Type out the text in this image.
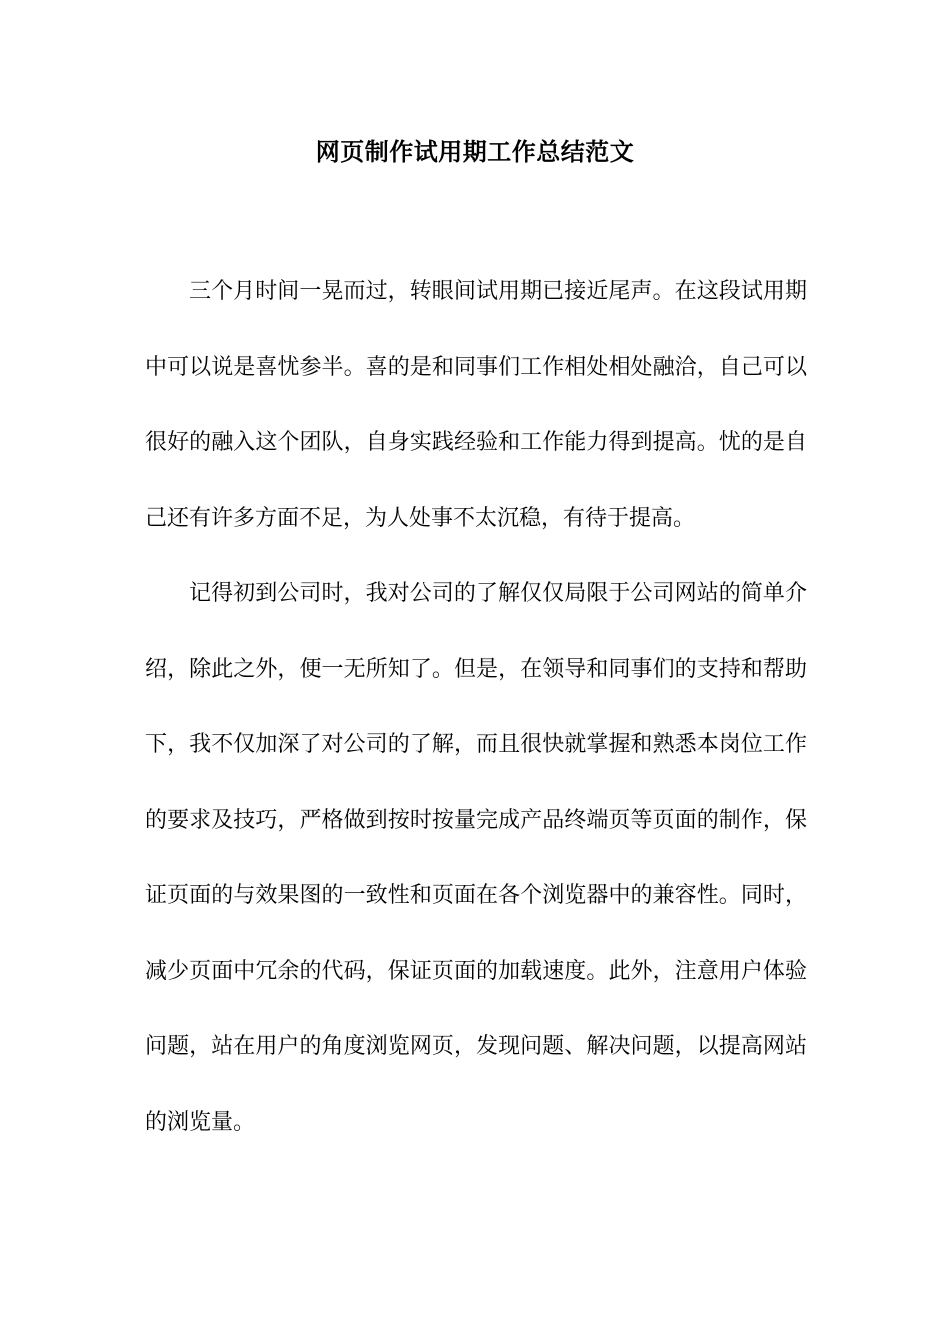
网页制作试用期工作总结范文

三个月时间一晃而过，转眼间试用期已接近尾声。在这段试用期中可以说是喜忧参半。喜的是和同事们工作相处相处融洽，自己可以很好的融入这个团队，自身实践经验和工作能力得到提高。忧的是自己还有许多方面不足，为人处事不太沉稳，有待于提高。

记得初到公司时，我对公司的了解仅仅局限于公司网站的简单介绍，除此之外，便一无所知了。但是，在领导和同事们的支持和帮助下，我不仅加深了对公司的了解，而且很快就掌握和熟悉本岗位工作的要求及技巧，严格做到按时按量完成产品终端页等页面的制作，保证页面的与效果图的一致性和页面在各个浏览器中的兼容性。同时，减少页面中冗余的代码，保证页面的加载速度。此外，注意用户体验问题，站在用户的角度浏览网页，发现问题、解决问题，以提高网站的浏览量。
